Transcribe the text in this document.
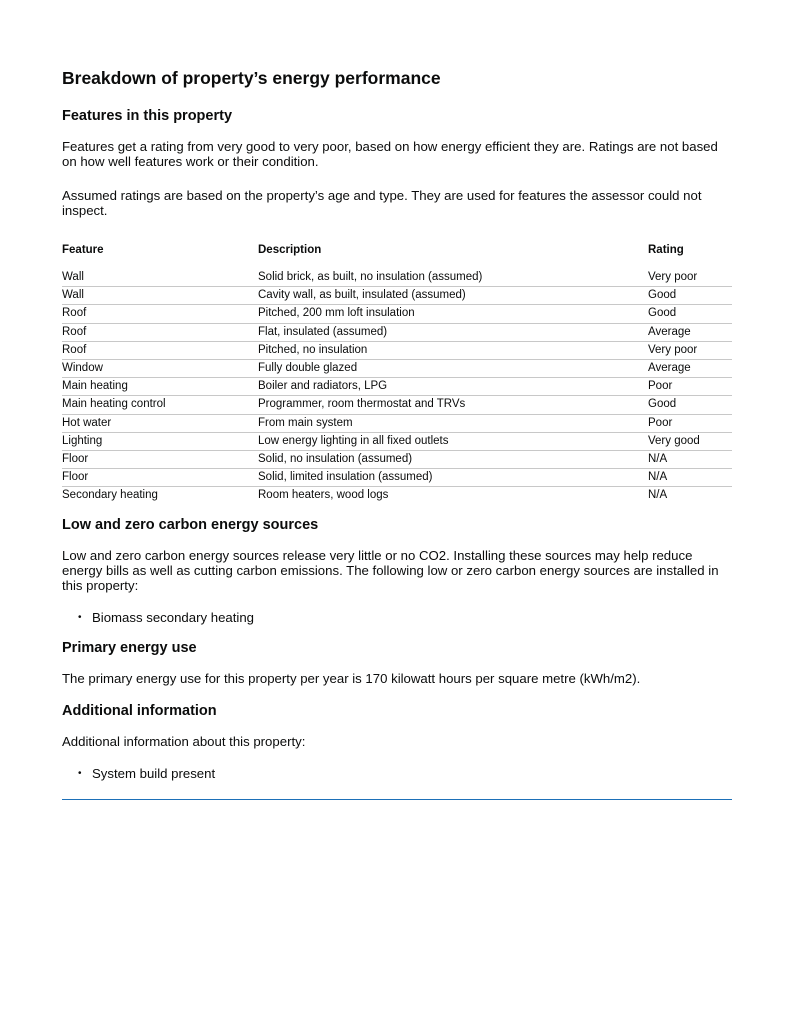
Breakdown of property’s energy performance
Features in this property

Features get a rating from very good to very poor, based on how energy efficient they are. Ratings are not based on how well features work or their condition.

Assumed ratings are based on the property’s age and type. They are used for features the assessor could not inspect.

Feature	Description	Rating

Wall	Solid brick, as built, no insulation (assumed)	Very poor
Wall	Cavity wall, as built, insulated (assumed)	Good
Roof	Pitched, 200 mm loft insulation	Good
Roof	Flat, insulated (assumed)	Average
Roof	Pitched, no insulation	Very poor
Window	Fully double glazed	Average
Main heating	Boiler and radiators, LPG	Poor
Main heating control	Programmer, room thermostat and TRVs	Good
Hot water	From main system	Poor
Lighting	Low energy lighting in all fixed outlets	Very good
Floor	Solid, no insulation (assumed)	N/A
Floor	Solid, limited insulation (assumed)	N/A
Secondary heating	Room heaters, wood logs	N/A
Low and zero carbon energy sources

Low and zero carbon energy sources release very little or no CO2. Installing these sources may help reduce energy bills as well as cutting carbon emissions. The following low or zero carbon energy sources are installed in this property:

• Biomass secondary heating
Primary energy use

The primary energy use for this property per year is 170 kilowatt hours per square metre (kWh/m2).

Additional information

Additional information about this property:

• System build present
